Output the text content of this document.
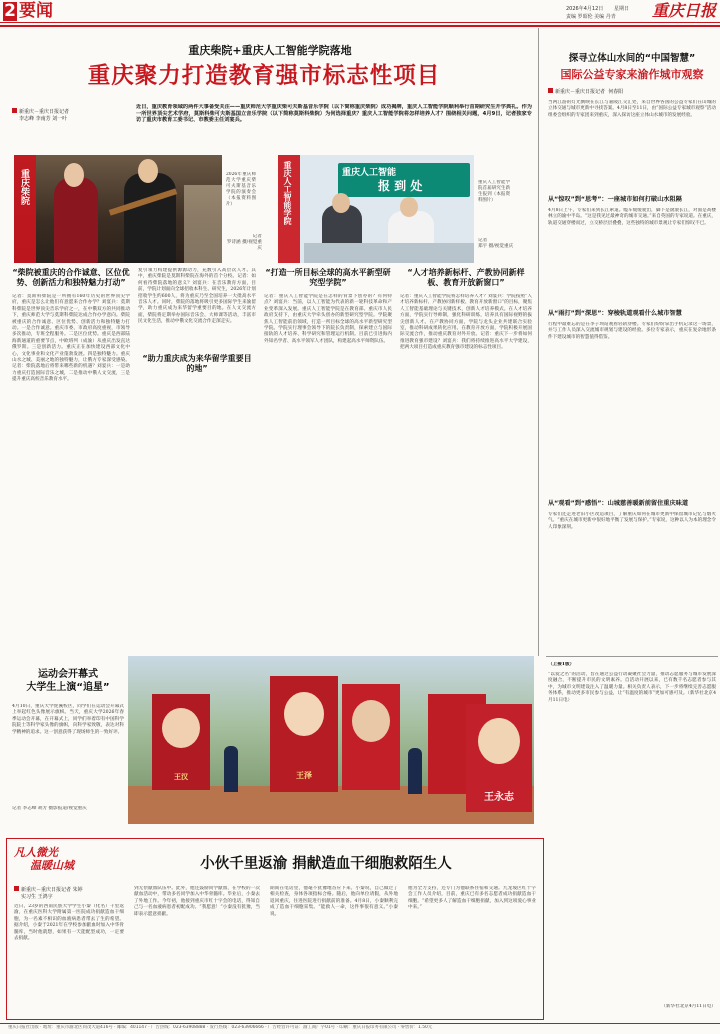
2 要闻	2026年4月12日 星期日
责编 罗昭伦 美编 丹青	重庆日报
重庆柴院+重庆人工智能学院落地
重庆聚力打造教育强市标志性项目
新重庆－重庆日报记者
李志峰 李南芳 刘一叶
近日，重庆教育领域的两件大事备受关注——重庆师范大学重庆柴可夫斯基音乐学院（以下简称重庆柴院）成功揭牌，重庆人工智能学院顺利举行首期研究生开学典礼。作为一所世界顶尖艺术学府，莫斯科柴可夫斯基国立音乐学院（以下简称莫斯科柴院）为何选择重庆？重庆人工智能学院将怎样培养人才？围绕相关问题，4月9日，记者独家专访了重庆市教育工委书记、市教委主任刘宴兵。
重庆柴院	2026年重庆师范大学重庆柴可夫斯基音乐学院的演奏会（本报资料图片）
记者
罗诗涵 摄/视觉重庆
重庆人工智能学院	重庆人工智能
报 到 处	重庆人工智能学院首届研究生新生报到（本报资料图片）
记者
郑宇 摄/视觉重庆
“柴院被重庆的合作诚意、区位优势、创新活力和独特魅力打动”
记者：莫斯科柴院是一所拥有160年历史的世界顶尖学府，重庆是怎么让他们有意愿来合作办学？刘宴兵：莫斯科柴院是世界顶尖音乐学府之一，在中俄双方的共同推动下，重庆师范大学与莫斯科柴院达成合作办学意向。柴院被重庆的合作诚意、区位优势、创新活力和独特魅力打动。一是合作诚意。重庆市委、市政府高度重视，市领导多次推动，专班全程服务。二是区位优势。重庆是西部陆海新通道的重要节点，中欧班列（成渝）从重庆出发直达俄罗斯。三是创新活力。重庆正在加快建设西部文化中心，文化事业和文化产业蓬勃发展。四是独特魅力。重庆山水之城、美丽之地的独特魅力，让俄方专家深受感染。记者：柴院落地后将带来哪些新的机遇？刘宴兵：一是助力重庆打造国际音乐之城，二是推动中俄人文交流，三是提升重庆高校音乐教育水平。
复引领力构建提供源源动力，充数引入高层次人才。其中，重庆柴院是莫斯科柴院在海外的首个分校。记者：如何看待柴院落地的意义？刘宴兵：在音乐教育方面，目前，学院计划面向全球招收本科生、研究生，2026年计划招收学生约600人，将为重庆乃至全国培养一大批高水平音乐人才。同时，柴院的落地将吸引更多国际学生来渝留学，助力重庆成为来华留学重要目的地。在人文交流方面，柴院将定期举办国际音乐会、大师课等活动，丰富市民文化生活，推动中俄文化交流合作走深走实。
“助力重庆成为来华留学重要目的地”
“打造一所目标全球的高水平新型研究型学院”
记者：重庆人工智能学院是在怎样的背景下创办的？有何特点？刘宴兵：当前，以人工智能为代表的新一轮科技革命和产业变革深入发展。重庆人工智能学院是在教育部、重庆市人民政府支持下，由重庆大学牵头创办的新型研究型学院。学院聚焦人工智能前沿领域，打造一所目标全球的高水平新型研究型学院。学院实行理事会领导下的院长负责制，探索建立与国际接轨的人才培养、科学研究和管理运行机制。目前已引进海内外知名学者、高水平领军人才团队，构建起高水平师资队伍。
“人才培养新标杆、产教协同新样板、教育开放新窗口”
记者：重庆人工智能学院将怎样培养人才？刘宴兵：学院按照“人才培养新标杆、产教协同新样板、教育开放新窗口”的目标，聚焦人工智能基础理论与关键技术，创新人才培养模式。在人才培养方面，学院实行导师制，强化科研训练，培养具有国际视野的拔尖创新人才。在产教协同方面，学院与龙头企业共建联合实验室，推动科研成果转化应用。在教育开放方面，学院积极开展国际交流合作，推动重庆教育对外开放。记者：重庆下一步将如何推进教育强市建设？刘宴兵：我们将持续推进高水平大学建设，把两大项目打造成重庆教育强市建设的标志性项目。
探寻立体山水间的“中国智慧”
国际公益专家来渝作城市观察
新重庆－重庆日报记者 何春阳
当两江游的灯光倒映在长江与嘉陵江交汇处，来自世界各国的公益专家们在山城的立体交通与城市更新中寻找答案。4月8日至11日，由“国际公益专家城市观察”活动组委会组织的专家团来到重庆，深入探访这座立体山水城市的发展经验。
从“惊叹”到“思考”：一座城市如何打破山水阻隔
4月8日上午，专家们来到长江索道。缆车缓缓驶出，脚下是滚滚长江，对面是高楼林立的渝中半岛。“这是我见过最神奇的城市交通。”来自英国的专家说道。在重庆，轨道交通穿楼而过，立交桥层层叠叠，这些独特的城市景观让专家们惊叹不已。
从“雨打”到“深思”：穿梭轨道观看什么城市智慧
行程中最难忘的是在李子坝站观看轻轨穿楼。专家们纷纷拿出手机记录这一场景，并与工作人员深入交流城市规划与建设的经验。多位专家表示，重庆在复杂地形条件下建设城市的智慧值得借鉴。
从“观看”到“感悟”：山城慈善暖新前留住重庆味道
专家们还走进老旧小区改造项目，了解重庆如何在城市更新中保留城市记忆与烟火气。“重庆在城市更新中很好地平衡了发展与保护。”专家说，这种以人为本的理念令人印象深刻。
（上接1版）
“以爱之名”的活动，旨在通过公益行动凝聚社会力量，推动志愿服务与城市发展深度融合，不断提升市民的文明素养。自活动开展以来，已有数千名志愿者参与其中，为城市文明建设注入了温暖力量。相关负责人表示，下一步将继续完善志愿服务体系，推动更多市民参与公益，让“有温度的城市”更加可感可及。（新华社北京4月11日电）
（新华社北京4月11日电）
运动会开幕式
大学生上演“追星”
4月10日，重庆大学虎溪校区，同学们在运动会开幕式上举起红色头像展示旗帜。当天，重庆大学2026年春季运动会开幕，在开幕式上，同学们举着印有中国科学院院士等科学家头像的旗帜，向科学家致敬，表达对科学精神的追求。这一创意获得了现场师生的一致好评。
记者 李志峰 胡芳 摄影报道/视觉重庆
王汉	王泽
王永志
凡人微光
温暖山城	小伙千里返渝 捐献造血干细胞救陌生人
新重庆－重庆日报记者 朱婷
实习生 王鸿宇
近日，23岁的西南民族大学学生小秦（化名）千里返渝，在重庆医科大学附属第一医院成功捐献造血干细胞，为一名素不相识的血液病患者带去了生的希望。据介绍，小秦于2021年在学校参加献血时加入中华骨髓库，当时他就想，如果有一天能配型成功，一定要去捐献。
到无偿献血队伍中。此外，他还鼓励同学献血，在学校的一次献血活动中，带动多名同学加入中华骨髓库。毕业后，小秦去了外地工作。今年初，他接到重庆市红十字会的电话，得知自己与一名血液病患者初配成功。“我愿意！”小秦没有犹豫，当即表示愿意捐献。
期间在电话里，他毫不犹豫地答应下来。小秦说，自己做过了相关检查，身体各项指标合格。随后，他向单位请假，从外地返回重庆，住进医院进行捐献前的准备。4月8日，小秦顺利完成了造血干细胞采集。“能救人一命，这件事很有意义。”小秦说。
他为全力支持，还专门为他联系住宿和交通。九龙坡区红十字会工作人员介绍，目前，重庆已有多名志愿者成功捐献造血干细胞。“希望更多人了解造血干细胞捐献，加入到这项爱心事业中来。”
重庆日报社出版 · 地址：重庆市渝北区同茂大道416号 · 邮编：401147 · 广告热线：023-63908888 · 发行热线：023-63906666 · 广告经营许可证：渝工商广字01号 · 印刷：重庆日报印务有限公司 · 零售价：1.50元
